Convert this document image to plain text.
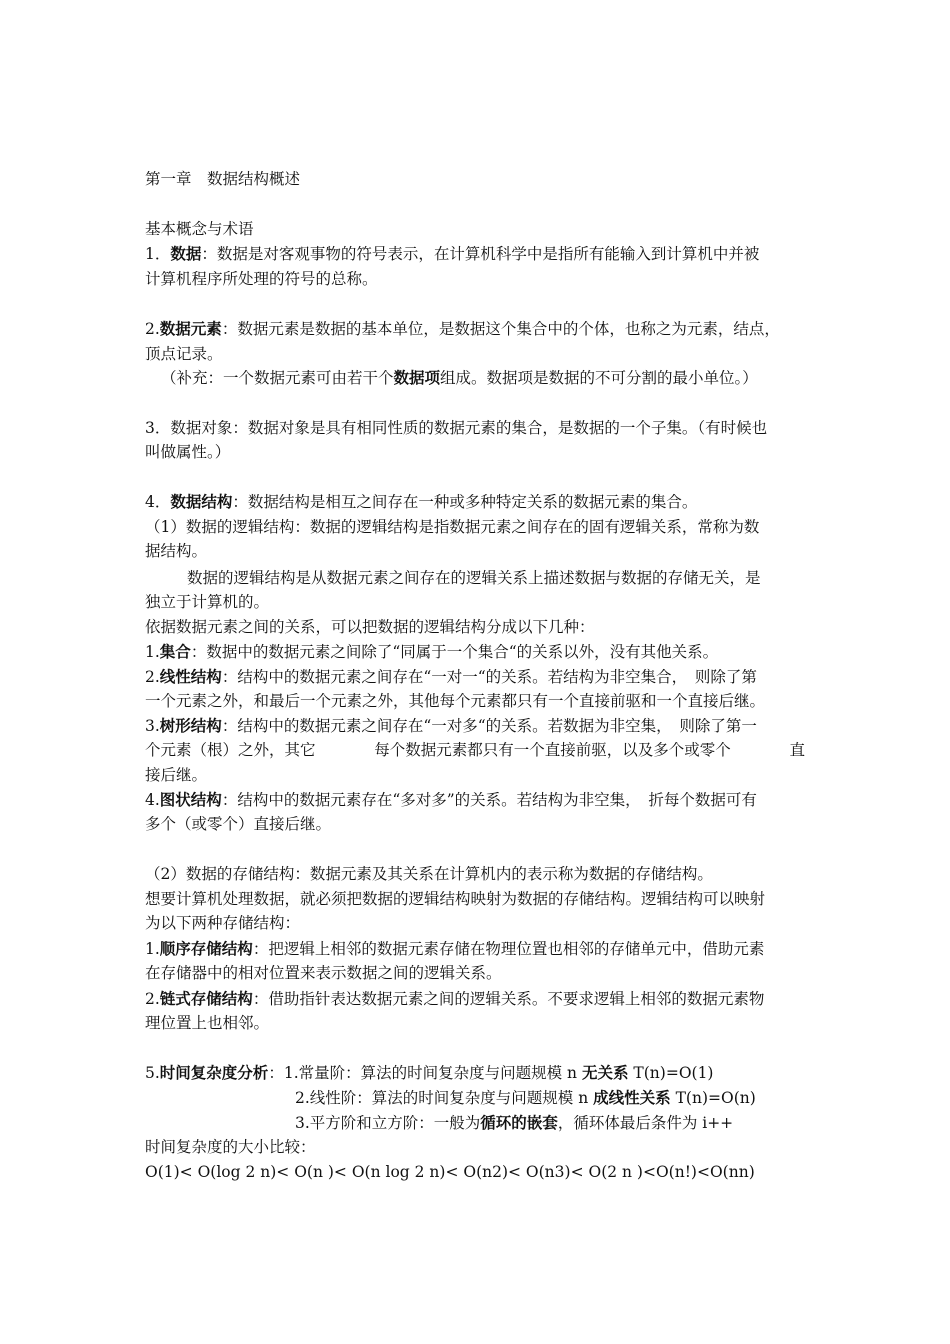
第一章　数据结构概述
基本概念与术语
1．数据：数据是对客观事物的符号表示，在计算机科学中是指所有能输入到计算机中并被
计算机程序所处理的符号的总称。
2.数据元素：数据元素是数据的基本单位，是数据这个集合中的个体，也称之为元素，结点，
顶点记录。
（补充：一个数据元素可由若干个数据项组成。数据项是数据的不可分割的最小单位。）
3．数据对象：数据对象是具有相同性质的数据元素的集合，是数据的一个子集。（有时候也
叫做属性。）
4．数据结构：数据结构是相互之间存在一种或多种特定关系的数据元素的集合。
（1）数据的逻辑结构：数据的逻辑结构是指数据元素之间存在的固有逻辑关系，常称为数
据结构。
数据的逻辑结构是从数据元素之间存在的逻辑关系上描述数据与数据的存储无关，是
独立于计算机的。
依据数据元素之间的关系，可以把数据的逻辑结构分成以下几种：
1.集合：数据中的数据元素之间除了“同属于一个集合“的关系以外，没有其他关系。
2.线性结构：结构中的数据元素之间存在“一对一“的关系。若结构为非空集合，　则除了第
一个元素之外，和最后一个元素之外，其他每个元素都只有一个直接前驱和一个直接后继。
3.树形结构：结构中的数据元素之间存在“一对多“的关系。若数据为非空集，　则除了第一
个元素（根）之外，其它	每个数据元素都只有一个直接前驱，以及多个或零个	直
接后继。
4.图状结构：结构中的数据元素存在“多对多”的关系。若结构为非空集，　折每个数据可有
多个（或零个）直接后继。
（2）数据的存储结构：数据元素及其关系在计算机内的表示称为数据的存储结构。
想要计算机处理数据，就必须把数据的逻辑结构映射为数据的存储结构。逻辑结构可以映射
为以下两种存储结构：
1.顺序存储结构：把逻辑上相邻的数据元素存储在物理位置也相邻的存储单元中，借助元素
在存储器中的相对位置来表示数据之间的逻辑关系。
2.链式存储结构：借助指针表达数据元素之间的逻辑关系。不要求逻辑上相邻的数据元素物
理位置上也相邻。
5.时间复杂度分析：1.常量阶：算法的时间复杂度与问题规模 n 无关系 T(n)=O(1)
2.线性阶：算法的时间复杂度与问题规模 n 成线性关系 T(n)=O(n)
3.平方阶和立方阶：一般为循环的嵌套，循环体最后条件为 i++
时间复杂度的大小比较：
O(1)< O(log 2 n)< O(n )< O(n log 2 n)< O(n2)< O(n3)< O(2 n )<O(n!)<O(nn)
